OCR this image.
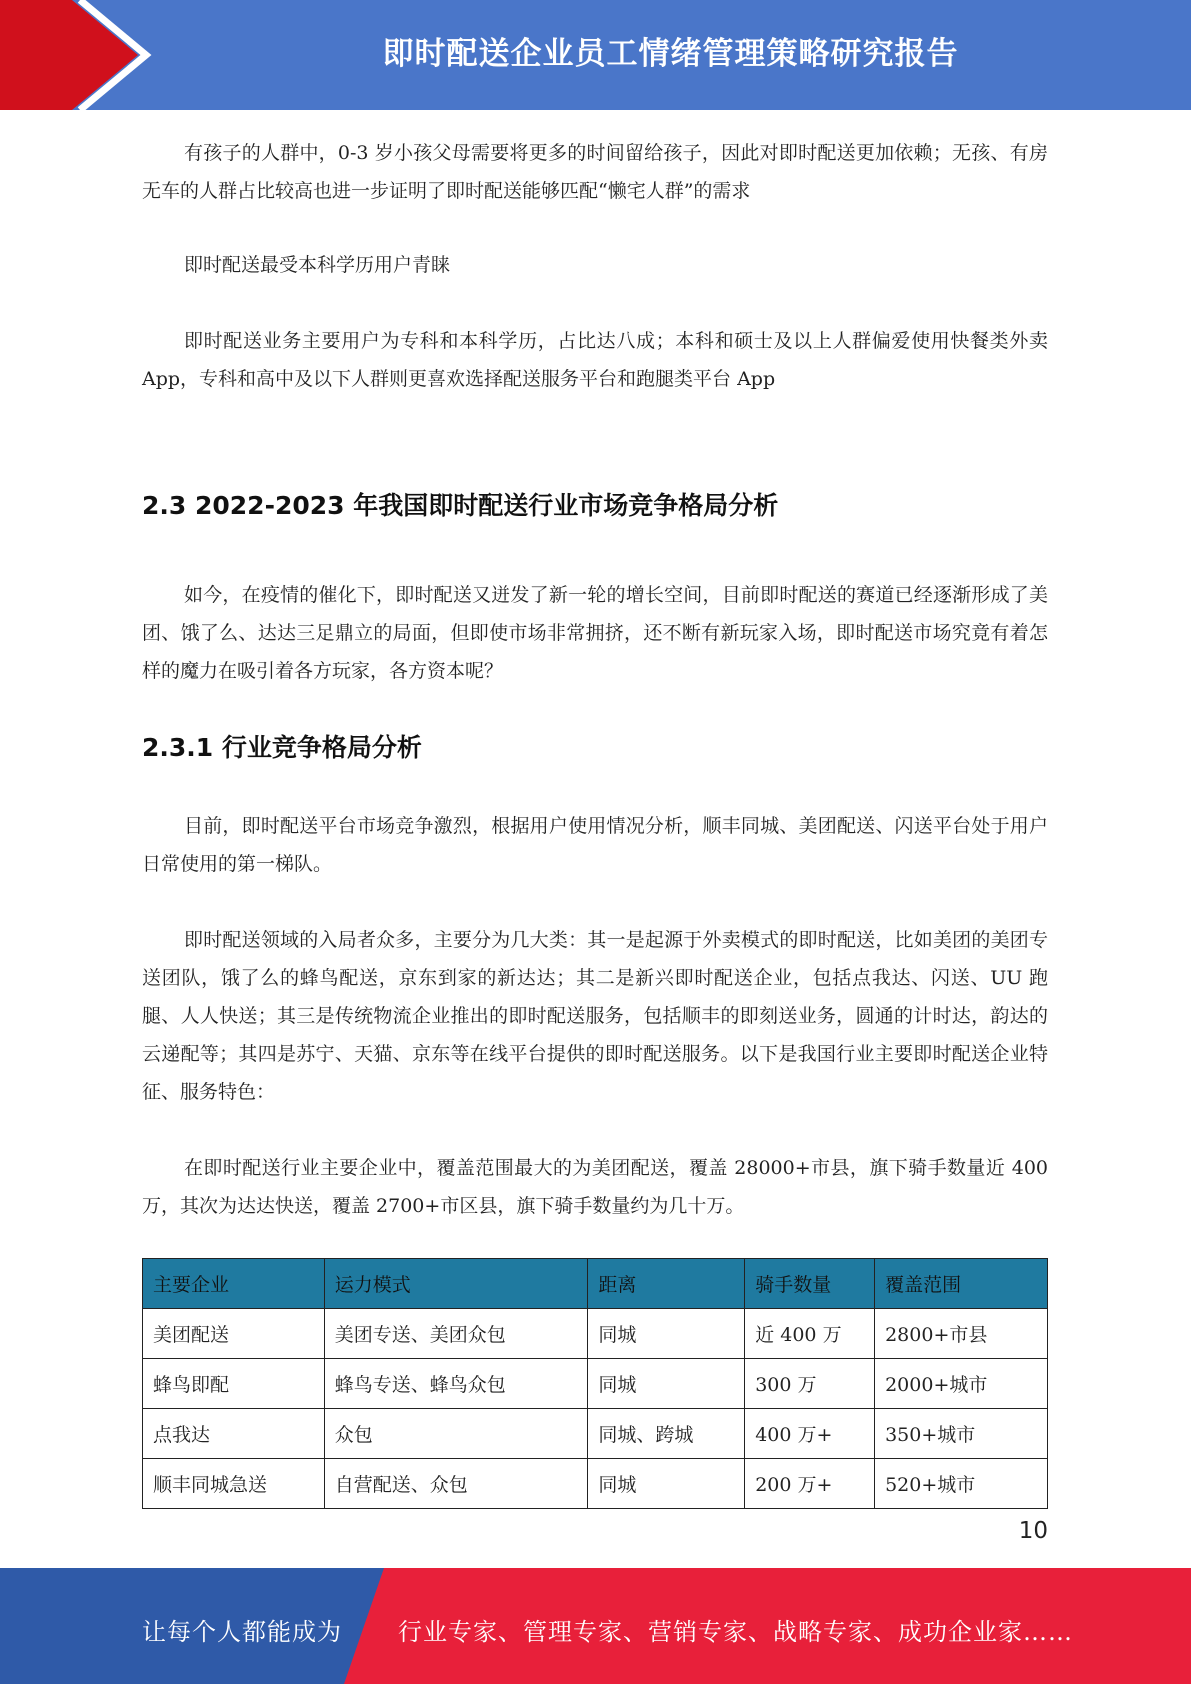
即时配送企业员工情绪管理策略研究报告

有孩子的人群中，0-3 岁小孩父母需要将更多的时间留给孩子，因此对即时配送更加依赖；无孩、有房无车的人群占比较高也进一步证明了即时配送能够匹配“懒宅人群”的需求

即时配送最受本科学历用户青睐

即时配送业务主要用户为专科和本科学历，占比达八成；本科和硕士及以上人群偏爱使用快餐类外卖 App，专科和高中及以下人群则更喜欢选择配送服务平台和跑腿类平台 App

2.3 2022-2023 年我国即时配送行业市场竞争格局分析

如今，在疫情的催化下，即时配送又迸发了新一轮的增长空间，目前即时配送的赛道已经逐渐形成了美团、饿了么、达达三足鼎立的局面，但即使市场非常拥挤，还不断有新玩家入场，即时配送市场究竟有着怎样的魔力在吸引着各方玩家，各方资本呢？

2.3.1 行业竞争格局分析

目前，即时配送平台市场竞争激烈，根据用户使用情况分析，顺丰同城、美团配送、闪送平台处于用户日常使用的第一梯队。

即时配送领域的入局者众多，主要分为几大类：其一是起源于外卖模式的即时配送，比如美团的美团专送团队，饿了么的蜂鸟配送，京东到家的新达达；其二是新兴即时配送企业，包括点我达、闪送、UU 跑腿、人人快送；其三是传统物流企业推出的即时配送服务，包括顺丰的即刻送业务，圆通的计时达，韵达的云递配等；其四是苏宁、天猫、京东等在线平台提供的即时配送服务。以下是我国行业主要即时配送企业特征、服务特色：

在即时配送行业主要企业中，覆盖范围最大的为美团配送，覆盖 28000+市县，旗下骑手数量近 400 万，其次为达达快送，覆盖 2700+市区县，旗下骑手数量约为几十万。

主要企业	运力模式	距离	骑手数量	覆盖范围
美团配送	美团专送、美团众包	同城	近 400 万	2800+市县
蜂鸟即配	蜂鸟专送、蜂鸟众包	同城	300 万	2000+城市
点我达	众包	同城、跨城	400 万+	350+城市
顺丰同城急送	自营配送、众包	同城	200 万+	520+城市
10
让每个人都能成为 行业专家、管理专家、营销专家、战略专家、成功企业家……
